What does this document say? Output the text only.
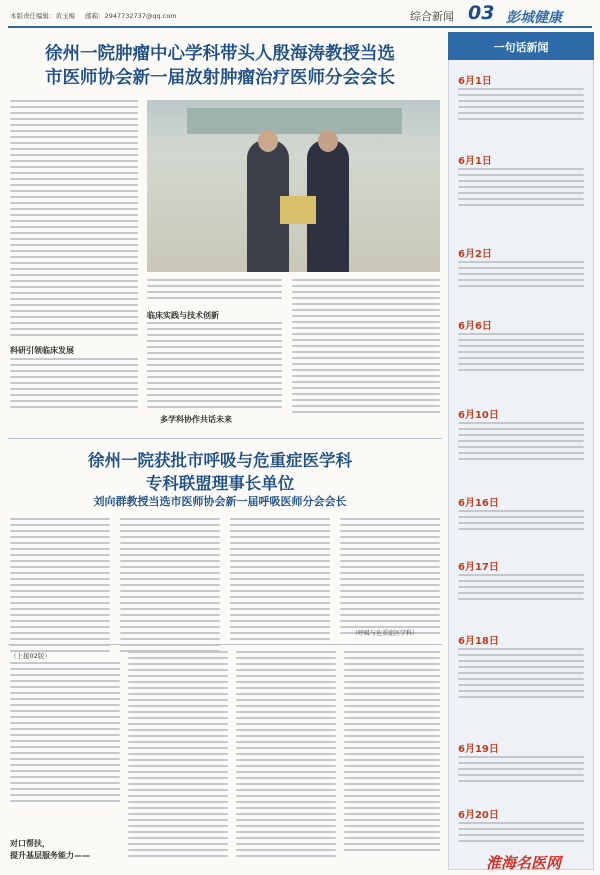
本版责任编辑：黄玉梅 邮箱：2947732737@qq.com	综合新闻 03 彭城健康
徐州一院肿瘤中心学科带头人殷海涛教授当选
市医师协会新一届放射肿瘤治疗医师分会会长
科研引领临床发展
临床实践与技术创新
多学科协作共话未来
徐州一院获批市呼吸与危重症医学科
专科联盟理事长单位
刘向群教授当选市医师协会新一届呼吸医师分会会长
（呼吸与危重症医学科）
（上接02版）
对口帮扶，
提升基层服务能力——
一句话新闻
6月1日
6月1日
6月2日
6月6日
6月10日
6月16日
6月17日
6月18日
6月19日
6月20日
淮海名医网
